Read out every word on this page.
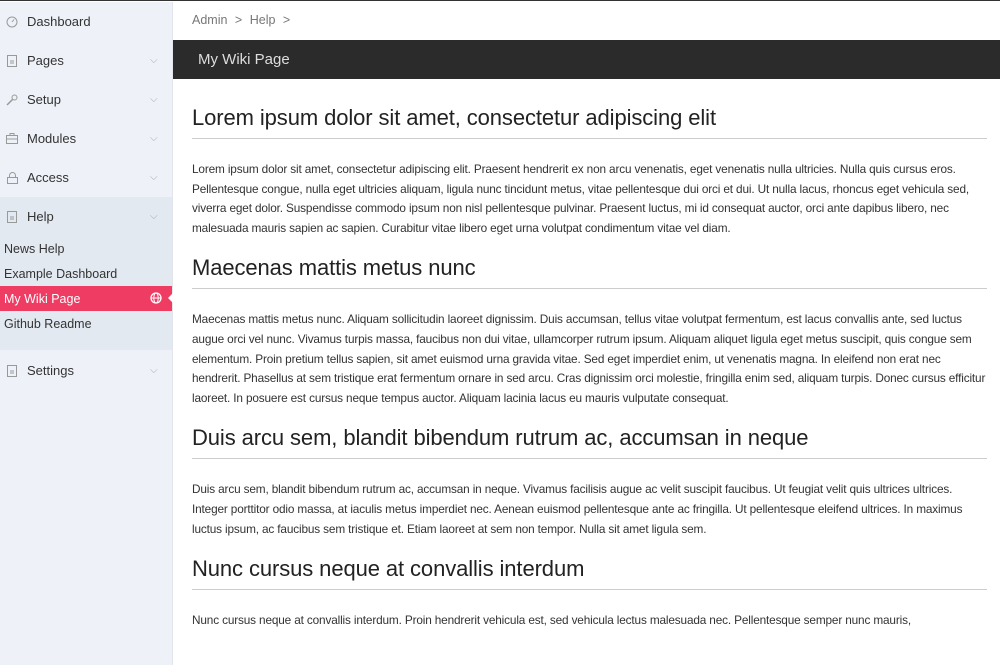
Dashboard
Pages	⌵
Setup	⌵
Modules	⌵
Access	⌵
Help	⌵
News Help
Example Dashboard
My Wiki Page
Github Readme
Settings	⌵
Admin > Help >
My Wiki Page
Lorem ipsum dolor sit amet, consectetur adipiscing elit

Lorem ipsum dolor sit amet, consectetur adipiscing elit. Praesent hendrerit ex non arcu venenatis, eget venenatis nulla ultricies. Nulla quis cursus eros. Pellentesque congue, nulla eget ultricies aliquam, ligula nunc tincidunt metus, vitae pellentesque dui orci et dui. Ut nulla lacus, rhoncus eget vehicula sed, viverra eget dolor. Suspendisse commodo ipsum non nisl pellentesque pulvinar. Praesent luctus, mi id consequat auctor, orci ante dapibus libero, nec malesuada mauris sapien ac sapien. Curabitur vitae libero eget urna volutpat condimentum vitae vel diam.

Maecenas mattis metus nunc

Maecenas mattis metus nunc. Aliquam sollicitudin laoreet dignissim. Duis accumsan, tellus vitae volutpat fermentum, est lacus convallis ante, sed luctus augue orci vel nunc. Vivamus turpis massa, faucibus non dui vitae, ullamcorper rutrum ipsum. Aliquam aliquet ligula eget metus suscipit, quis congue sem elementum. Proin pretium tellus sapien, sit amet euismod urna gravida vitae. Sed eget imperdiet enim, ut venenatis magna. In eleifend non erat nec hendrerit. Phasellus at sem tristique erat fermentum ornare in sed arcu. Cras dignissim orci molestie, fringilla enim sed, aliquam turpis. Donec cursus efficitur laoreet. In posuere est cursus neque tempus auctor. Aliquam lacinia lacus eu mauris vulputate consequat.

Duis arcu sem, blandit bibendum rutrum ac, accumsan in neque

Duis arcu sem, blandit bibendum rutrum ac, accumsan in neque. Vivamus facilisis augue ac velit suscipit faucibus. Ut feugiat velit quis ultrices ultrices. Integer porttitor odio massa, at iaculis metus imperdiet nec. Aenean euismod pellentesque ante ac fringilla. Ut pellentesque eleifend ultrices. In maximus luctus ipsum, ac faucibus sem tristique et. Etiam laoreet at sem non tempor. Nulla sit amet ligula sem.

Nunc cursus neque at convallis interdum

Nunc cursus neque at convallis interdum. Proin hendrerit vehicula est, sed vehicula lectus malesuada nec. Pellentesque semper nunc mauris,
